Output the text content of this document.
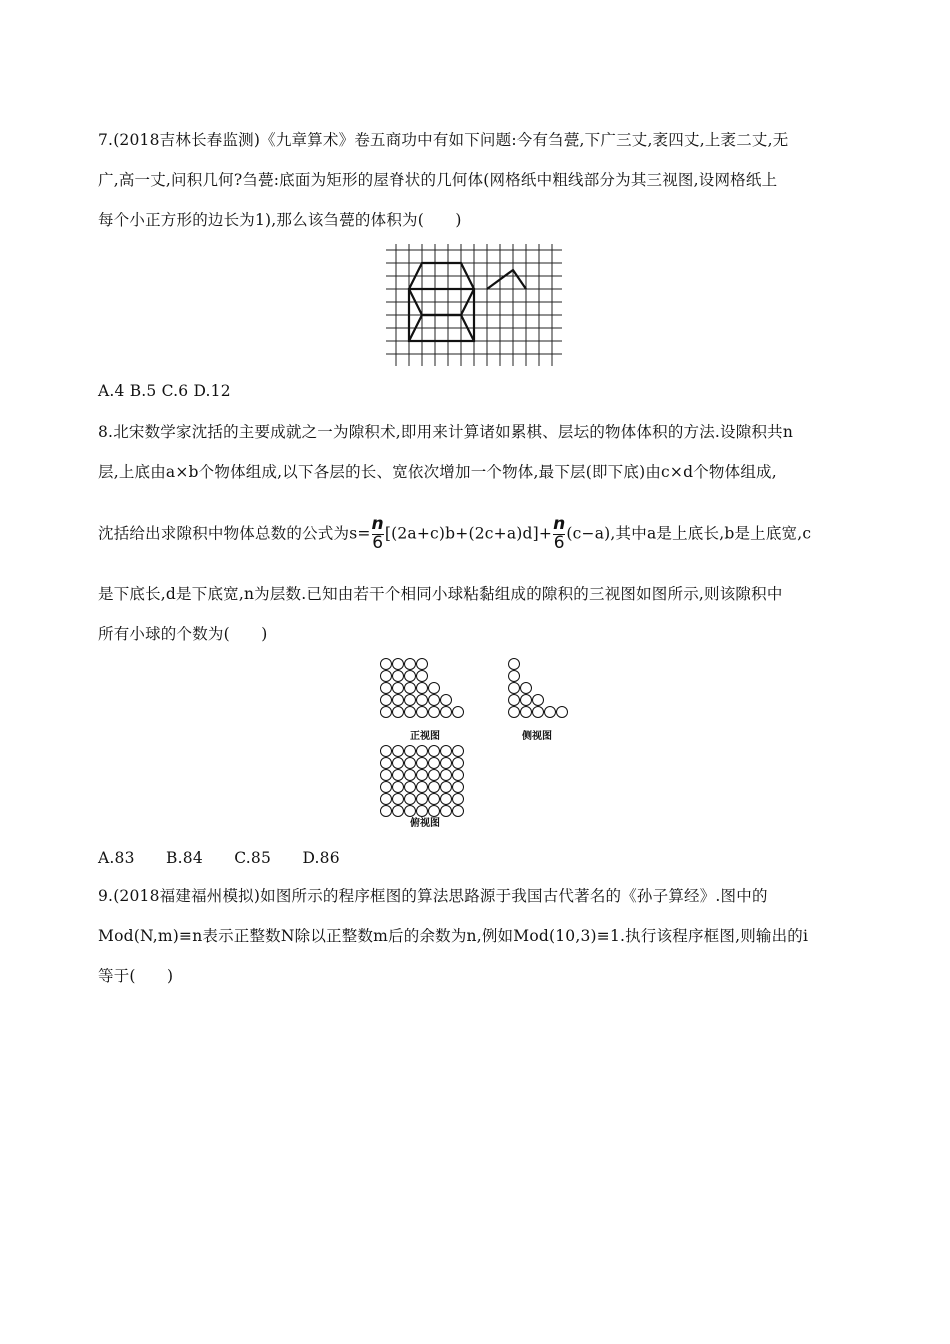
7.(2018吉林长春监测)《九章算术》卷五商功中有如下问题:今有刍甍,下广三丈,袤四丈,上袤二丈,无
广,高一丈,问积几何?刍甍:底面为矩形的屋脊状的几何体(网格纸中粗线部分为其三视图,设网格纸上
每个小正方形的边长为1),那么该刍甍的体积为(　　)
A.4 B.5 C.6 D.12
8.北宋数学家沈括的主要成就之一为隙积术,即用来计算诸如累棋、层坛的物体体积的方法.设隙积共n
层,上底由a×b个物体组成,以下各层的长、宽依次增加一个物体,最下层(即下底)由c×d个物体组成,
沈括给出求隙积中物体总数的公式为$s= \frac{n}{6} [(2a+c)b+(2c+a)d]+ \frac{n}{6} (c-a)$,其中a是上底长,b是上底宽,c
是下底长,d是下底宽,n为层数.已知由若干个相同小球粘黏组成的隙积的三视图如图所示,则该隙积中
所有小球的个数为(　　)
正视图	侧视图
俯视图
A.83　　B.84　　C.85　　D.86
9.(2018福建福州模拟)如图所示的程序框图的算法思路源于我国古代著名的《孙子算经》.图中的
Mod(N,m)≡n表示正整数N除以正整数m后的余数为n,例如Mod(10,3)≡1.执行该程序框图,则输出的i
等于(　　)
